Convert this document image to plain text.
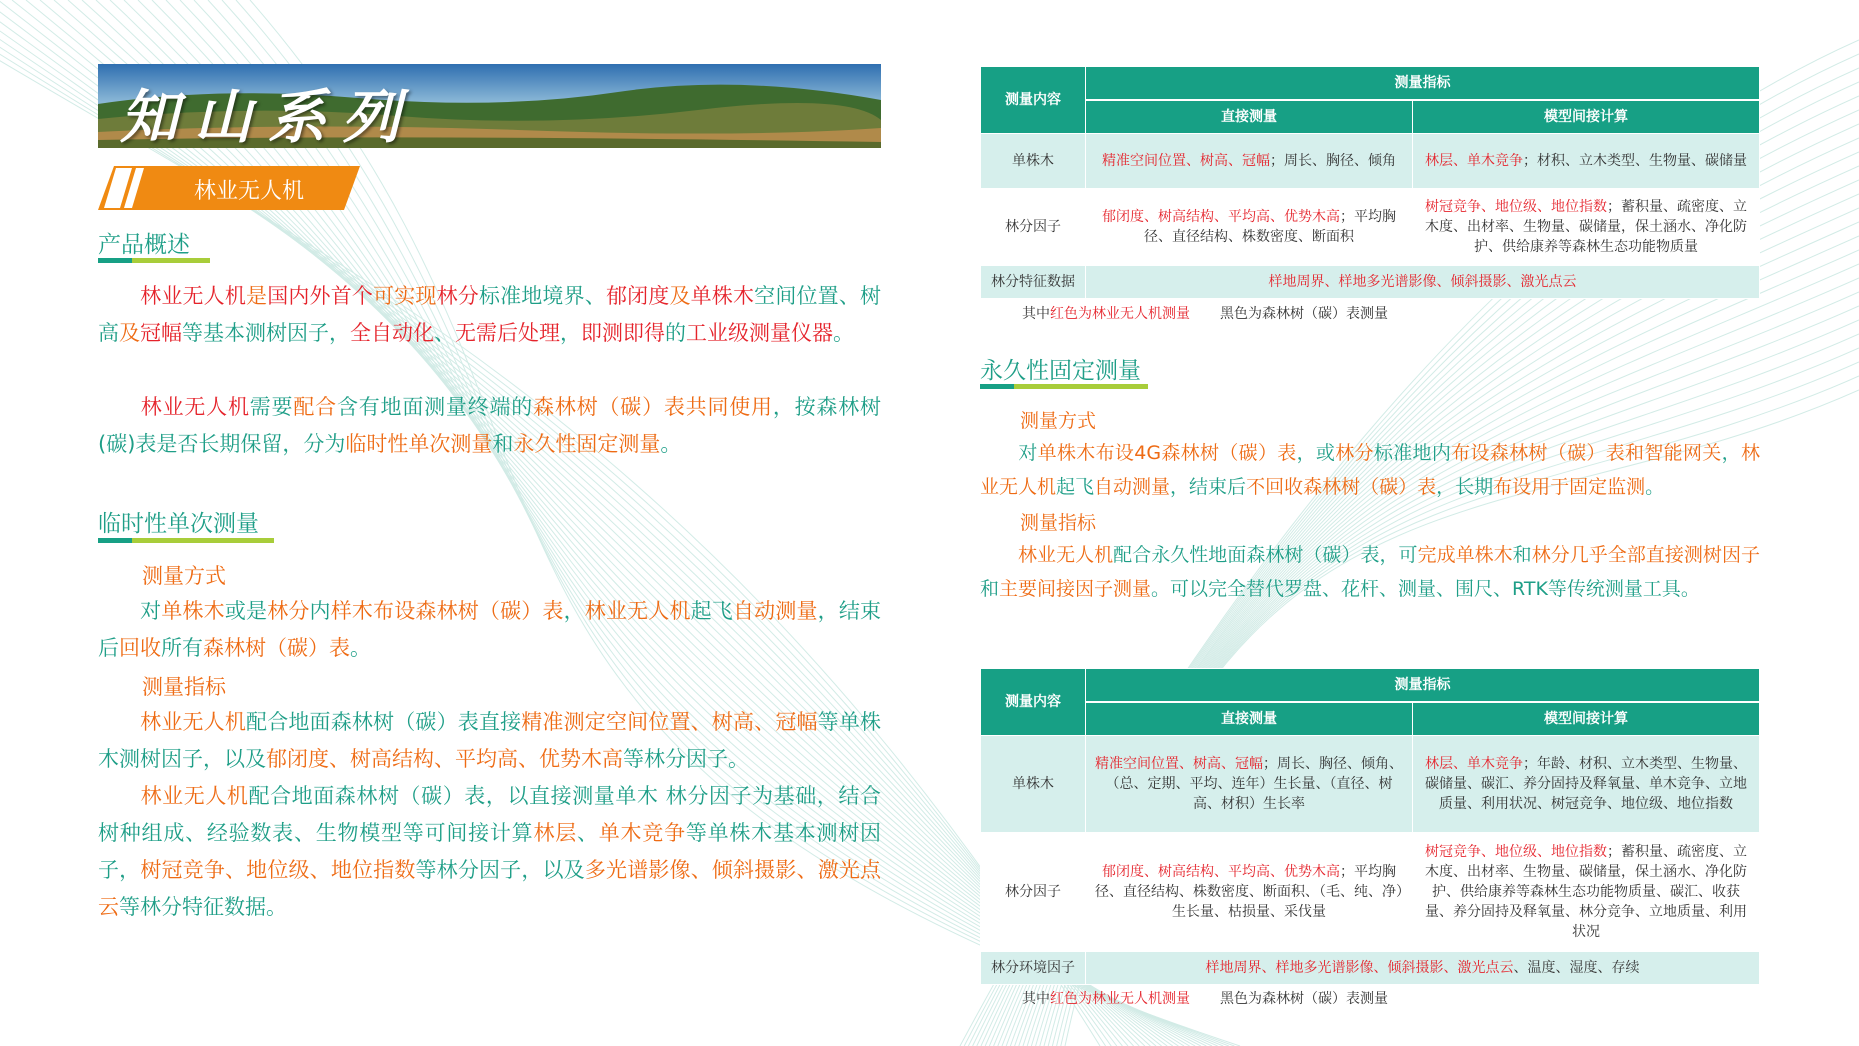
知山系列
林业无人机
产品概述
林业无人机是国内外首个可实现林分标准地境界、郁闭度及单株木空间位置、树高及冠幅等基本测树因子，全自动化、无需后处理，即测即得的工业级测量仪器。
林业无人机需要配合含有地面测量终端的森林树（碳）表共同使用，按森林树(碳)表是否长期保留，分为临时性单次测量和永久性固定测量。
临时性单次测量
测量方式
对单株木或是林分内样木布设森林树（碳）表，林业无人机起飞自动测量，结束后回收所有森林树（碳）表。
测量指标
林业无人机配合地面森林树（碳）表直接精准测定空间位置、树高、冠幅等单株木测树因子，以及郁闭度、树高结构、平均高、优势木高等林分因子。
林业无人机配合地面森林树（碳）表，以直接测量单木 林分因子为基础，结合树种组成、经验数表、生物模型等可间接计算林层、单木竞争等单株木基本测树因子，树冠竞争、地位级、地位指数等林分因子，以及多光谱影像、倾斜摄影、激光点云等林分特征数据。
测量内容	测量指标	
	直接测量	模型间接计算
单株木	精准空间位置、树高、冠幅；周长、胸径、倾角	林层、单木竞争；材积、立木类型、生物量、碳储量
林分因子	郁闭度、树高结构、平均高、优势木高；平均胸径、直径结构、株数密度、断面积	树冠竞争、地位级、地位指数；蓄积量、疏密度、立木度、出材率、生物量、碳储量，保土涵水、净化防护、供给康养等森林生态功能物质量
林分特征数据	样地周界、样地多光谱影像、倾斜摄影、激光点云	
其中红色为林业无人机测量 黑色为森林树（碳）表测量
永久性固定测量
测量方式
对单株木布设4G森林树（碳）表，或林分标准地内布设森林树（碳）表和智能网关，林业无人机起飞自动测量，结束后不回收森林树（碳）表，长期布设用于固定监测。
测量指标
林业无人机配合永久性地面森林树（碳）表，可完成单株木和林分几乎全部直接测树因子和主要间接因子测量。可以完全替代罗盘、花杆、测量、围尺、RTK等传统测量工具。
测量内容	测量指标	
	直接测量	模型间接计算
单株木	精准空间位置、树高、冠幅；周长、胸径、倾角、（总、定期、平均、连年）生长量、（直径、树高、材积）生长率	林层、单木竞争；年龄、材积、立木类型、生物量、碳储量、碳汇、养分固持及释氧量、单木竞争、立地质量、利用状况、树冠竞争、地位级、地位指数
林分因子	郁闭度、树高结构、平均高、优势木高；平均胸径、直径结构、株数密度、断面积、（毛、纯、净）生长量、枯损量、采伐量	树冠竞争、地位级、地位指数；蓄积量、疏密度、立木度、出材率、生物量、碳储量，保土涵水、净化防护、供给康养等森林生态功能物质量、碳汇、收获量、养分固持及释氧量、林分竞争、立地质量、利用状况
林分环境因子	样地周界、样地多光谱影像、倾斜摄影、激光点云、温度、湿度、存续	
其中红色为林业无人机测量 黑色为森林树（碳）表测量
